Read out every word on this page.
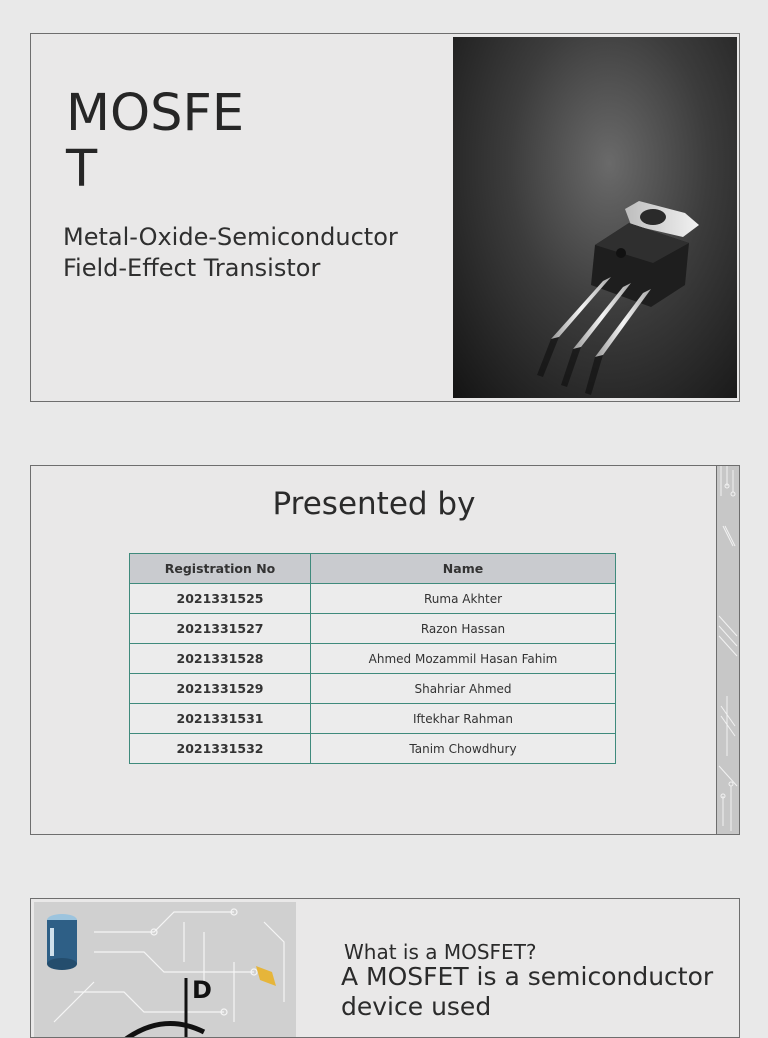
MOSFET
Metal-Oxide-Semiconductor Field-Effect Transistor
Presented by
Registration No	Name
2021331525	Ruma Akhter
2021331527	Razon Hassan
2021331528	Ahmed Mozammil Hasan Fahim
2021331529	Shahriar Ahmed
2021331531	Iftekhar Rahman
2021331532	Tanim Chowdhury
D
What is a MOSFET?
A MOSFET is a semiconductor device used
